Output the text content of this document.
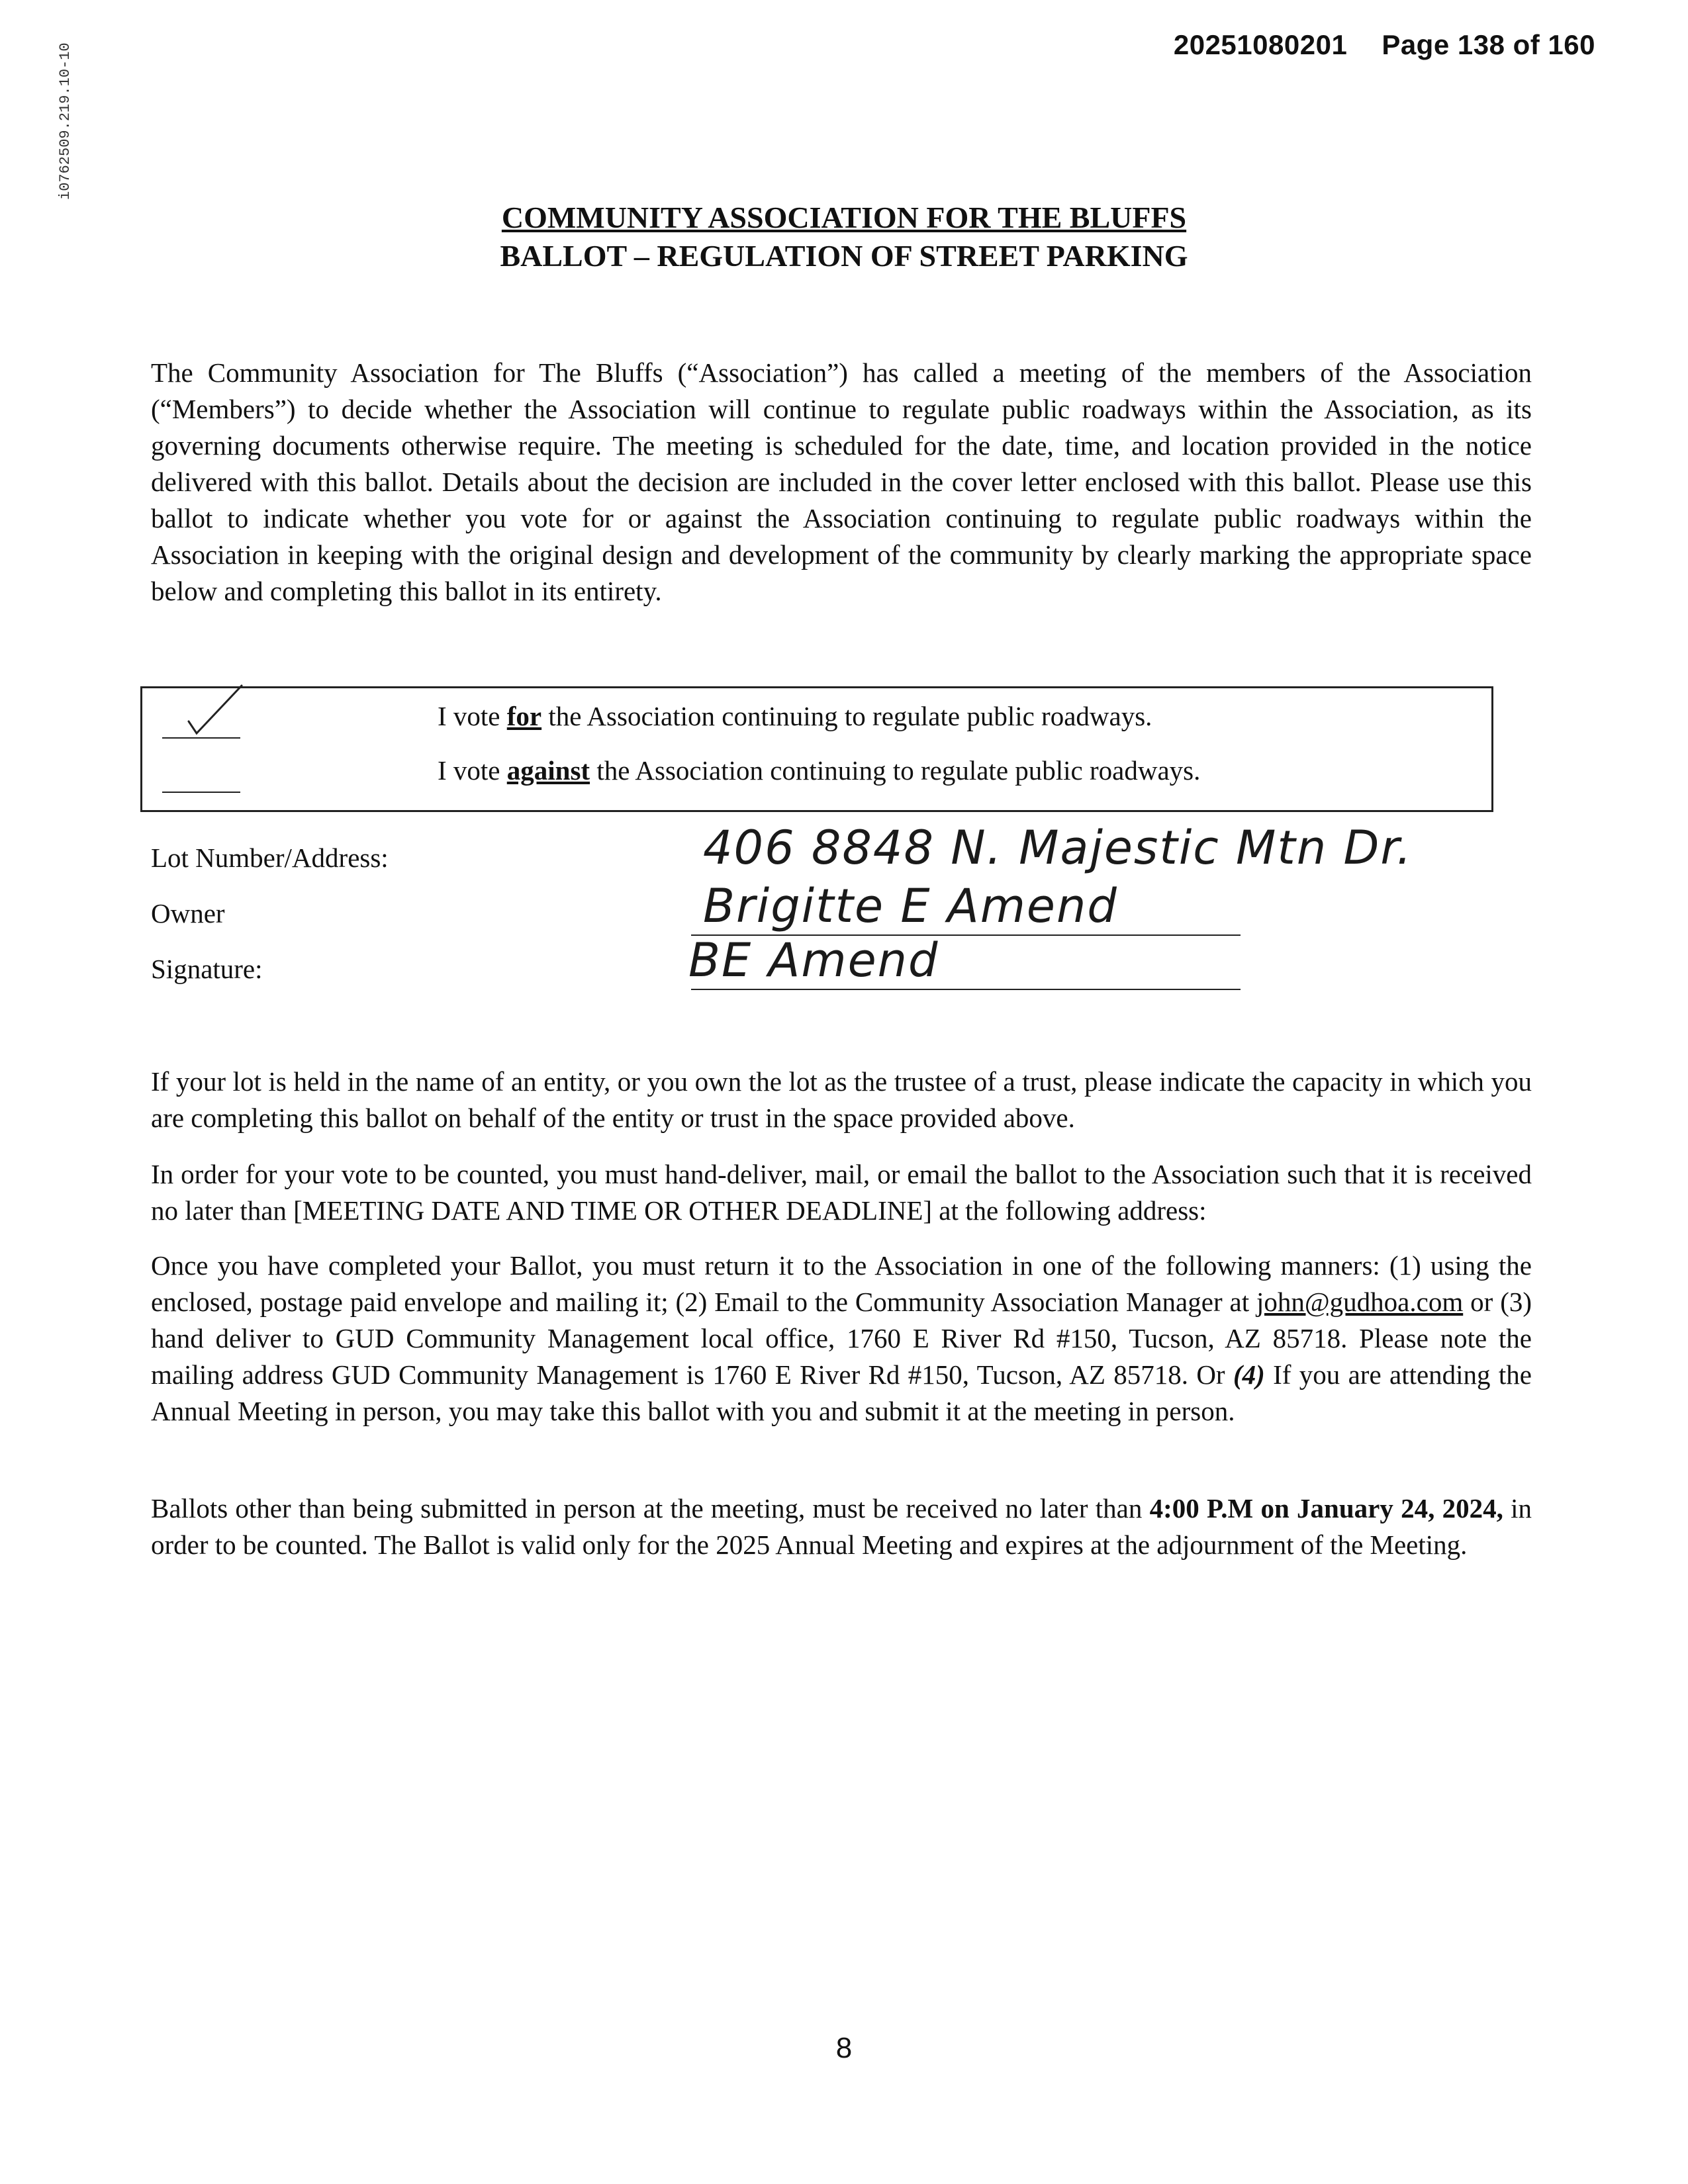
20251080201 Page 138 of 160
i0762509.219.10-10
COMMUNITY ASSOCIATION FOR THE BLUFFS
BALLOT – REGULATION OF STREET PARKING

The Community Association for The Bluffs (“Association”) has called a meeting of the members of the Association (“Members”) to decide whether the Association will continue to regulate public roadways within the Association, as its governing documents otherwise require. The meeting is scheduled for the date, time, and location provided in the notice delivered with this ballot. Details about the decision are included in the cover letter enclosed with this ballot. Please use this ballot to indicate whether you vote for or against the Association continuing to regulate public roadways within the Association in keeping with the original design and development of the community by clearly marking the appropriate space below and completing this ballot in its entirety.

I vote for the Association continuing to regulate public roadways.
I vote against the Association continuing to regulate public roadways.
Lot Number/Address:	406 8848 N. Majestic Mtn Dr.
Owner	Brigitte E Amend
Signature:	BE Amend

If your lot is held in the name of an entity, or you own the lot as the trustee of a trust, please indicate the capacity in which you are completing this ballot on behalf of the entity or trust in the space provided above.

In order for your vote to be counted, you must hand-deliver, mail, or email the ballot to the Association such that it is received no later than [MEETING DATE AND TIME OR OTHER DEADLINE] at the following address:

Once you have completed your Ballot, you must return it to the Association in one of the following manners: (1) using the enclosed, postage paid envelope and mailing it; (2) Email to the Community Association Manager at john@gudhoa.com or (3) hand deliver to GUD Community Management local office, 1760 E River Rd #150, Tucson, AZ 85718. Please note the mailing address GUD Community Management is 1760 E River Rd #150, Tucson, AZ 85718. Or (4) If you are attending the Annual Meeting in person, you may take this ballot with you and submit it at the meeting in person.

Ballots other than being submitted in person at the meeting, must be received no later than 4:00 P.M on January 24, 2024, in order to be counted. The Ballot is valid only for the 2025 Annual Meeting and expires at the adjournment of the Meeting.

8
